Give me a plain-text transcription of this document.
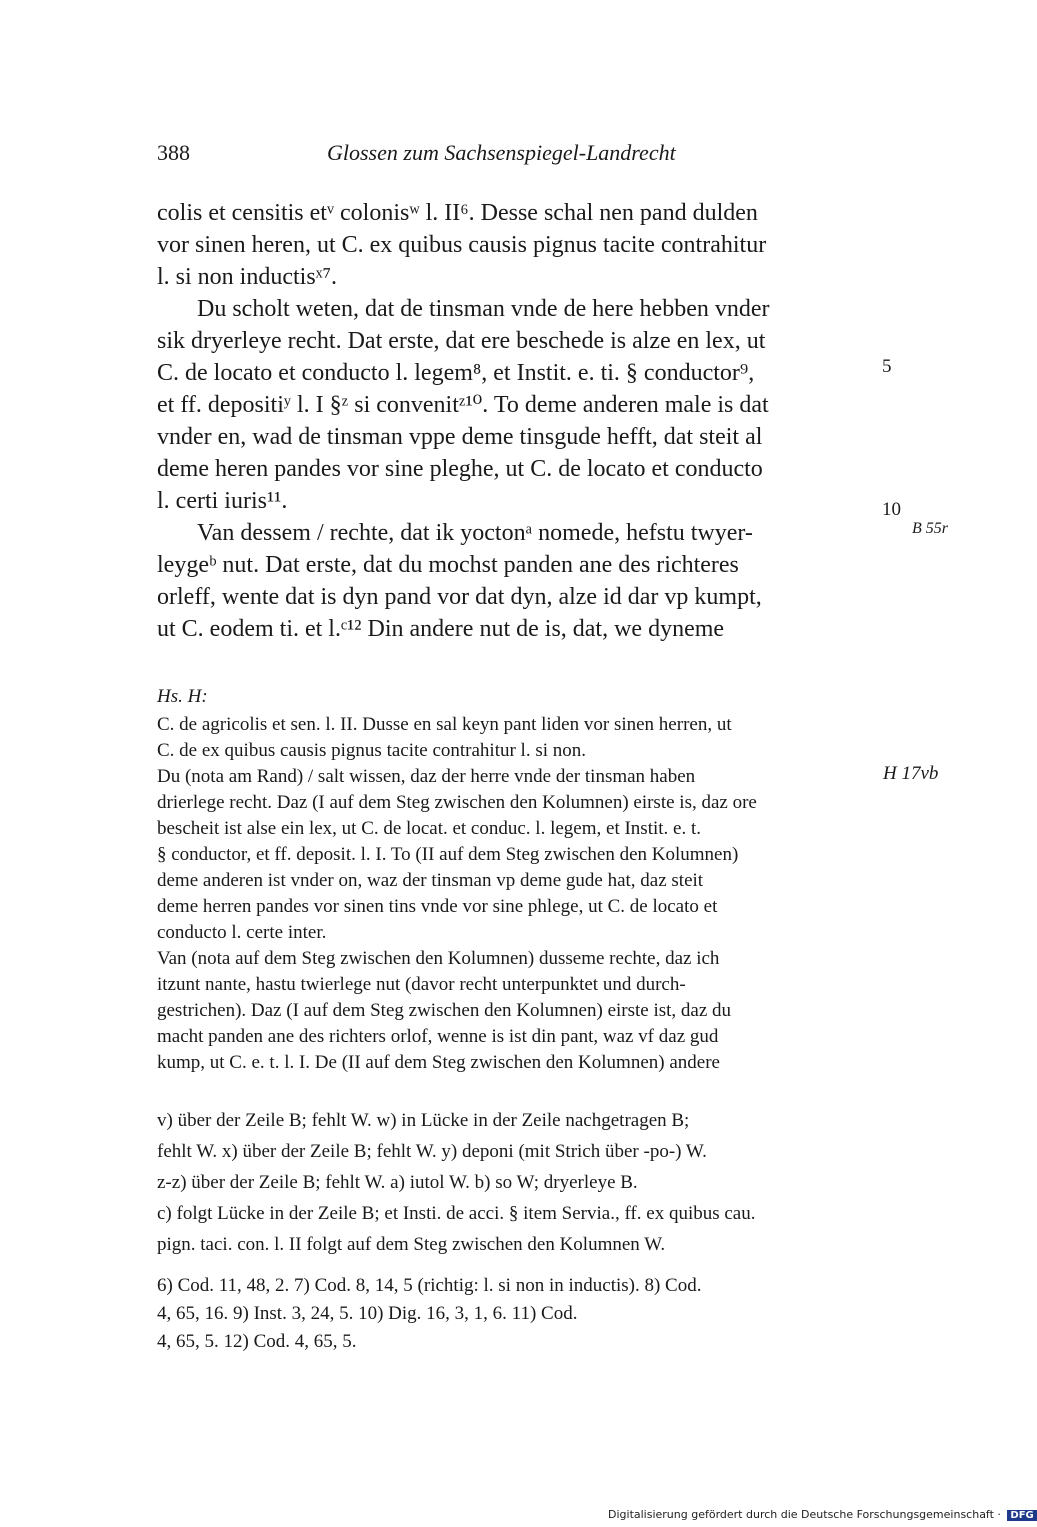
388	Glossen zum Sachsenspiegel-Landrecht
colis et censitis etᵛ colonisʷ l. II⁶. Desse schal nen pand dulden
vor sinen heren, ut C. ex quibus causis pignus tacite contrahitur
l. si non inductisˣ⁷.
Du scholt weten, dat de tinsman vnde de here hebben vnder
sik dryerleye recht. Dat erste, dat ere beschede is alze en lex, ut
C. de locato et conducto l. legem⁸, et Instit. e. ti. § conductor⁹,
et ff. depositiʸ l. I §ᶻ si convenitᶻ¹⁰. To deme anderen male is dat
vnder en, wad de tinsman vppe deme tinsgude hefft, dat steit al
deme heren pandes vor sine pleghe, ut C. de locato et conducto
l. certi iuris¹¹.
Van dessem / rechte, dat ik yoctonᵃ nomede, hefstu twyer-
leygeᵇ nut. Dat erste, dat du mochst panden ane des richteres
orleff, wente dat is dyn pand vor dat dyn, alze id dar vp kumpt,
ut C. eodem ti. et l.ᶜ¹² Din andere nut de is, dat, we dyneme
5
10
B 55r
H 17vb
Hs. H:
C. de agricolis et sen. l. II. Dusse en sal keyn pant liden vor sinen herren, ut
C. de ex quibus causis pignus tacite contrahitur l. si non.
Du (nota am Rand) / salt wissen, daz der herre vnde der tinsman haben
drierlege recht. Daz (I auf dem Steg zwischen den Kolumnen) eirste is, daz ore
bescheit ist alse ein lex, ut C. de locat. et conduc. l. legem, et Instit. e. t.
§ conductor, et ff. deposit. l. I. To (II auf dem Steg zwischen den Kolumnen)
deme anderen ist vnder on, waz der tinsman vp deme gude hat, daz steit
deme herren pandes vor sinen tins vnde vor sine phlege, ut C. de locato et
conducto l. certe inter.
Van (nota auf dem Steg zwischen den Kolumnen) dusseme rechte, daz ich
itzunt nante, hastu twierlege nut (davor recht unterpunktet und durch-
gestrichen). Daz (I auf dem Steg zwischen den Kolumnen) eirste ist, daz du
macht panden ane des richters orlof, wenne is ist din pant, waz vf daz gud
kump, ut C. e. t. l. I. De (II auf dem Steg zwischen den Kolumnen) andere
v) über der Zeile B; fehlt W. w) in Lücke in der Zeile nachgetragen B;
fehlt W. x) über der Zeile B; fehlt W. y) deponi (mit Strich über -po-) W.
z-z) über der Zeile B; fehlt W. a) iutol W. b) so W; dryerleye B.
c) folgt Lücke in der Zeile B; et Insti. de acci. § item Servia., ff. ex quibus cau.
pign. taci. con. l. II folgt auf dem Steg zwischen den Kolumnen W.
6) Cod. 11, 48, 2. 7) Cod. 8, 14, 5 (richtig: l. si non in inductis). 8) Cod.
4, 65, 16. 9) Inst. 3, 24, 5. 10) Dig. 16, 3, 1, 6. 11) Cod.
4, 65, 5. 12) Cod. 4, 65, 5.
Digitalisierung gefördert durch die Deutsche Forschungsgemeinschaft · DFG
